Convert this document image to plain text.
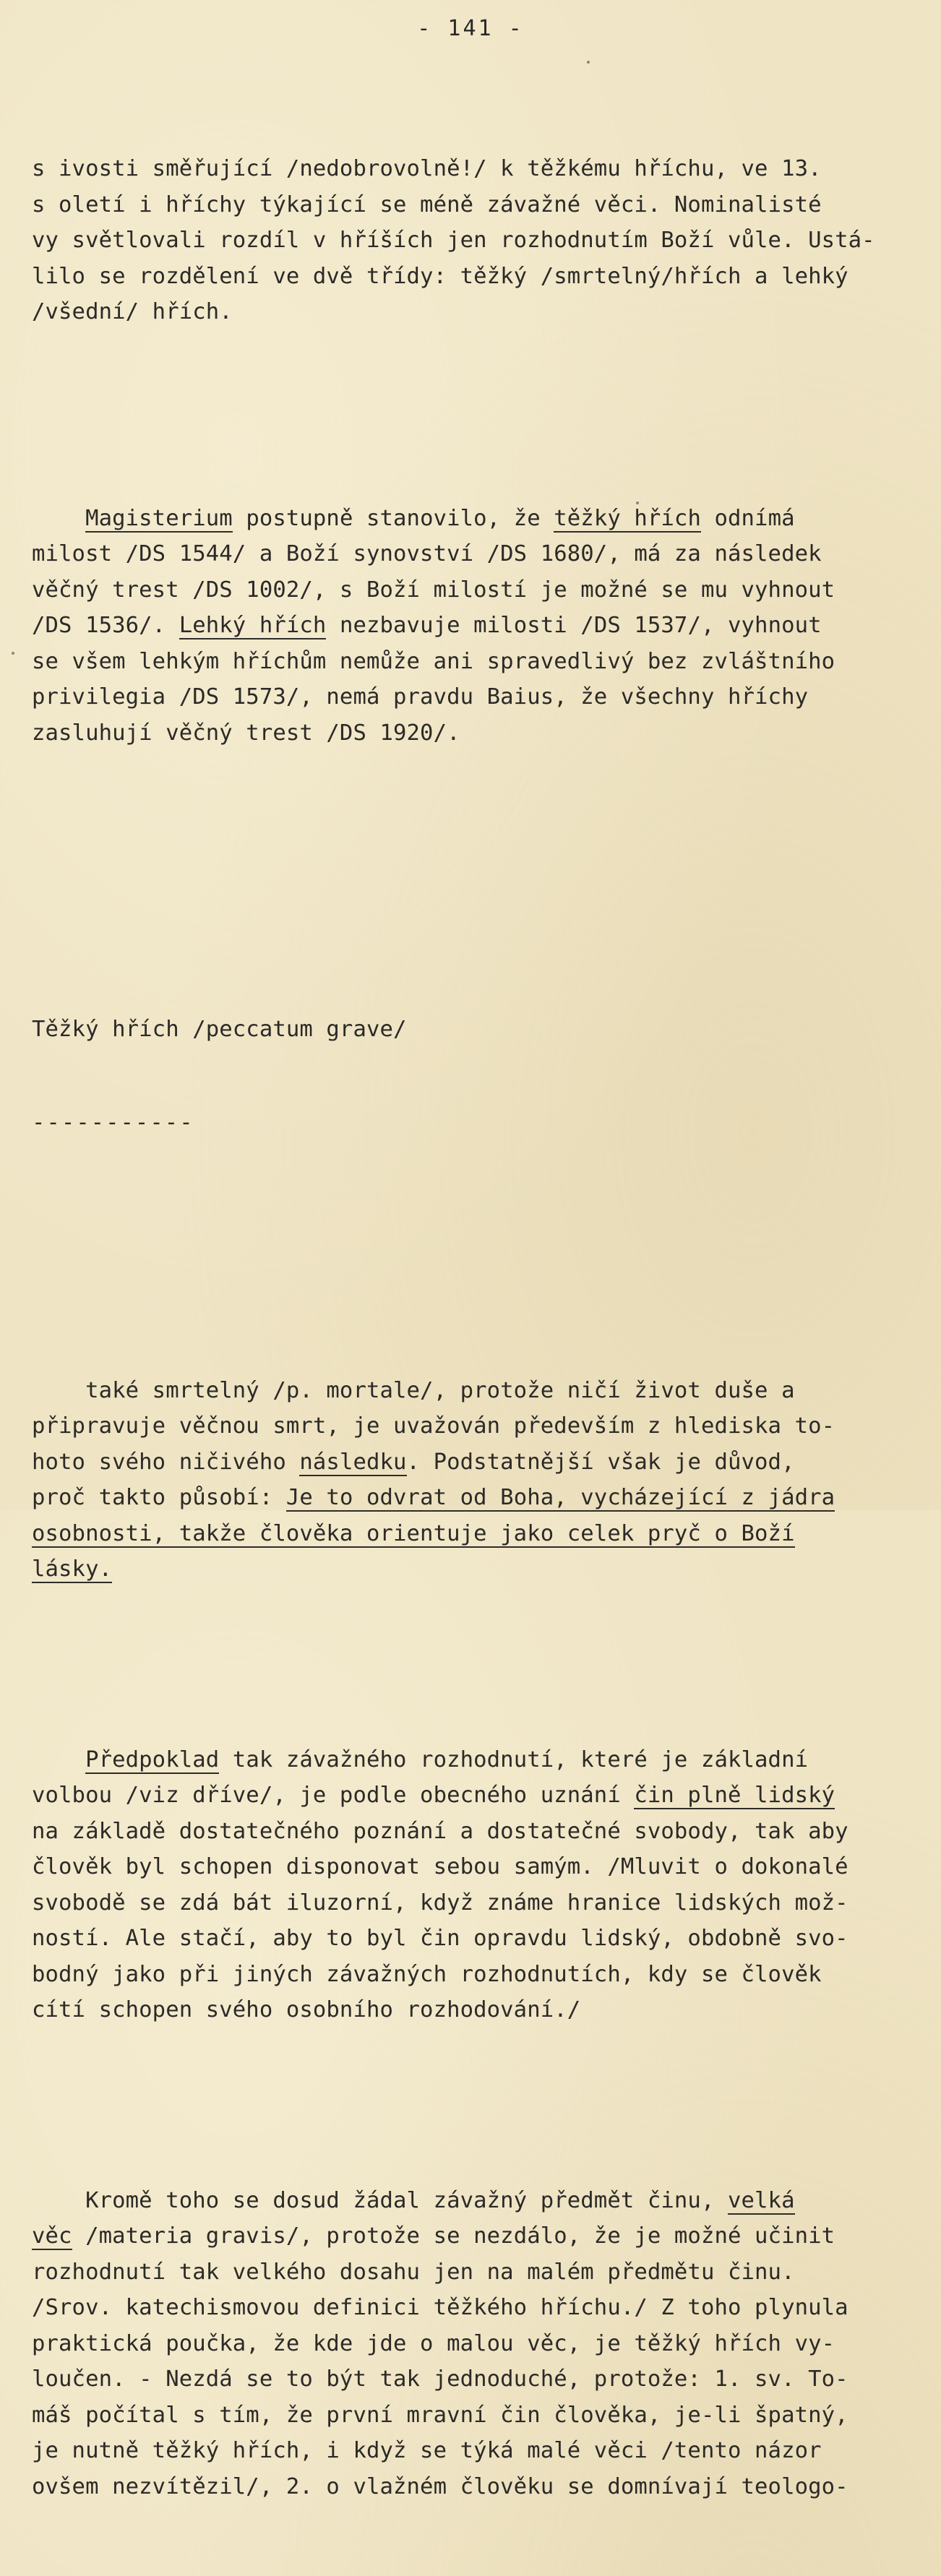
- 141 -

s ivosti směřující /nedobrovolně!/ k těžkému hříchu, ve 13.
s oletí i hříchy týkající se méně závažné věci. Nominalisté
vy světlovali rozdíl v hříších jen rozhodnutím Boží vůle. Ustá-
lilo se rozdělení ve dvě třídy: těžký /smrtelný/hřích a lehký
/všední/ hřích.

Magisterium postupně stanovilo, že těžký hřích odnímá
milost /DS 1544/ a Boží synovství /DS 1680/, má za následek
věčný trest /DS 1002/, s Boží milostí je možné se mu vyhnout
/DS 1536/. Lehký hřích nezbavuje milosti /DS 1537/, vyhnout
se všem lehkým hříchům nemůže ani spravedlivý bez zvláštního
privilegia /DS 1573/, nemá pravdu Baius, že všechny hříchy
zasluhují věčný trest /DS 1920/.

Těžký hřích /peccatum grave/

-----------

také smrtelný /p. mortale/, protože ničí život duše a
připravuje věčnou smrt, je uvažován především z hlediska to-
hoto svého ničivého následku. Podstatnější však je důvod,
proč takto působí: Je to odvrat od Boha, vycházející z jádra
osobnosti, takže člověka orientuje jako celek pryč o Boží
lásky.

Předpoklad tak závažného rozhodnutí, které je základní
volbou /viz dříve/, je podle obecného uznání čin plně lidský
na základě dostatečného poznání a dostatečné svobody, tak aby
člověk byl schopen disponovat sebou samým. /Mluvit o dokonalé
svobodě se zdá bát iluzorní, když známe hranice lidských mož-
ností. Ale stačí, aby to byl čin opravdu lidský, obdobně svo-
bodný jako při jiných závažných rozhodnutích, kdy se člověk
cítí schopen svého osobního rozhodování./

Kromě toho se dosud žádal závažný předmět činu, velká
věc /materia gravis/, protože se nezdálo, že je možné učinit
rozhodnutí tak velkého dosahu jen na malém předmětu činu.
/Srov. katechismovou definici těžkého hříchu./ Z toho plynula
praktická poučka, že kde jde o malou věc, je těžký hřích vy-
loučen. - Nezdá se to být tak jednoduché, protože: 1. sv. To-
máš počítal s tím, že první mravní čin člověka, je-li špatný,
je nutně těžký hřích, i když se týká malé věci /tento názor
ovšem nezvítězil/, 2. o vlažném člověku se domnívají teologo-
